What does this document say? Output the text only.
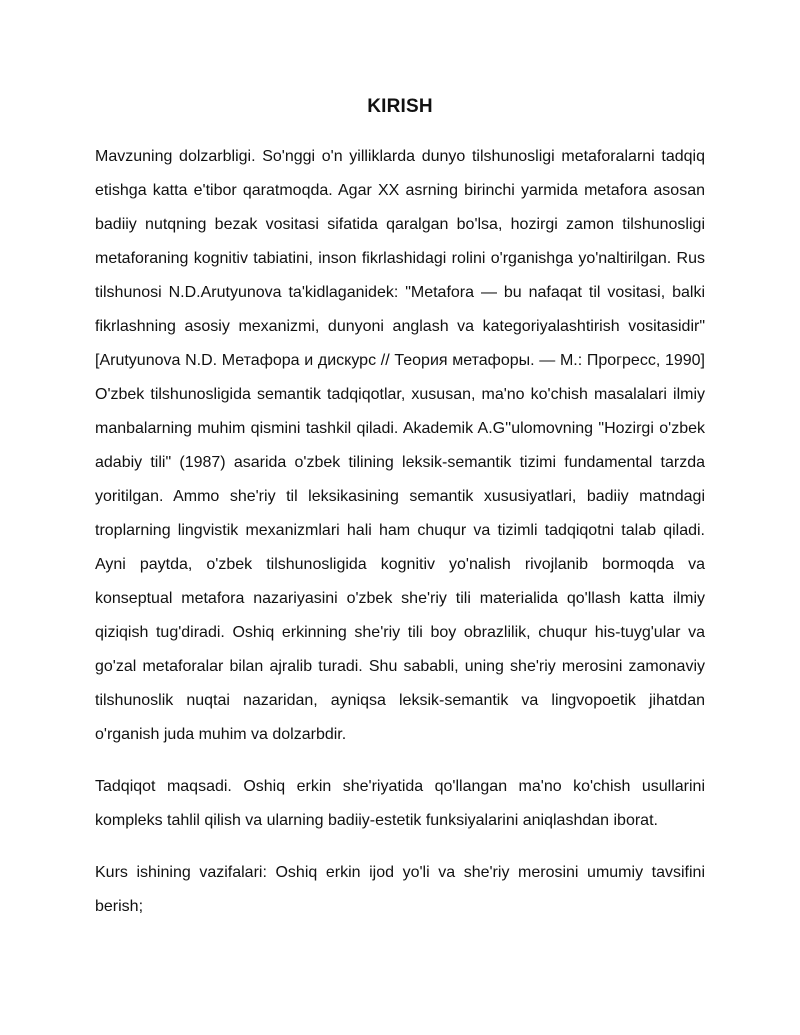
KIRISH

Mavzuning dolzarbligi. So'nggi o'n yilliklarda dunyo tilshunosligi metaforalarni tadqiq etishga katta e'tibor qaratmoqda. Agar XX asrning birinchi yarmida metafora asosan badiiy nutqning bezak vositasi sifatida qaralgan bo'lsa, hozirgi zamon tilshunosligi metaforaning kognitiv tabiatini, inson fikrlashidagi rolini o'rganishga yo'naltirilgan. Rus tilshunosi N.D.Arutyunova ta'kidlaganidek: "Metafora — bu nafaqat til vositasi, balki fikrlashning asosiy mexanizmi, dunyoni anglash va kategoriyalashtirish vositasidir" [Arutyunova N.D. Метафора и дискурс // Теория метафоры. — М.: Прогресс, 1990] O'zbek tilshunosligida semantik tadqiqotlar, xususan, ma'no ko'chish masalalari ilmiy manbalarning muhim qismini tashkil qiladi. Akademik A.G''ulomovning "Hozirgi o'zbek adabiy tili" (1987) asarida o'zbek tilining leksik-semantik tizimi fundamental tarzda yoritilgan. Ammo she'riy til leksikasining semantik xususiyatlari, badiiy matndagi troplarning lingvistik mexanizmlari hali ham chuqur va tizimli tadqiqotni talab qiladi. Ayni paytda, o'zbek tilshunosligida kognitiv yo'nalish rivojlanib bormoqda va konseptual metafora nazariyasini o'zbek she'riy tili materialida qo'llash katta ilmiy qiziqish tug'diradi. Oshiq erkinning she'riy tili boy obrazlilik, chuqur his-tuyg'ular va go'zal metaforalar bilan ajralib turadi. Shu sababli, uning she'riy merosini zamonaviy tilshunoslik nuqtai nazaridan, ayniqsa leksik-semantik va lingvopoetik jihatdan o'rganish juda muhim va dolzarbdir.

Tadqiqot maqsadi. Oshiq erkin she'riyatida qo'llangan ma'no ko'chish usullarini kompleks tahlil qilish va ularning badiiy-estetik funksiyalarini aniqlashdan iborat.

Kurs ishining vazifalari: Oshiq erkin ijod yo'li va she'riy merosini umumiy tavsifini berish;
